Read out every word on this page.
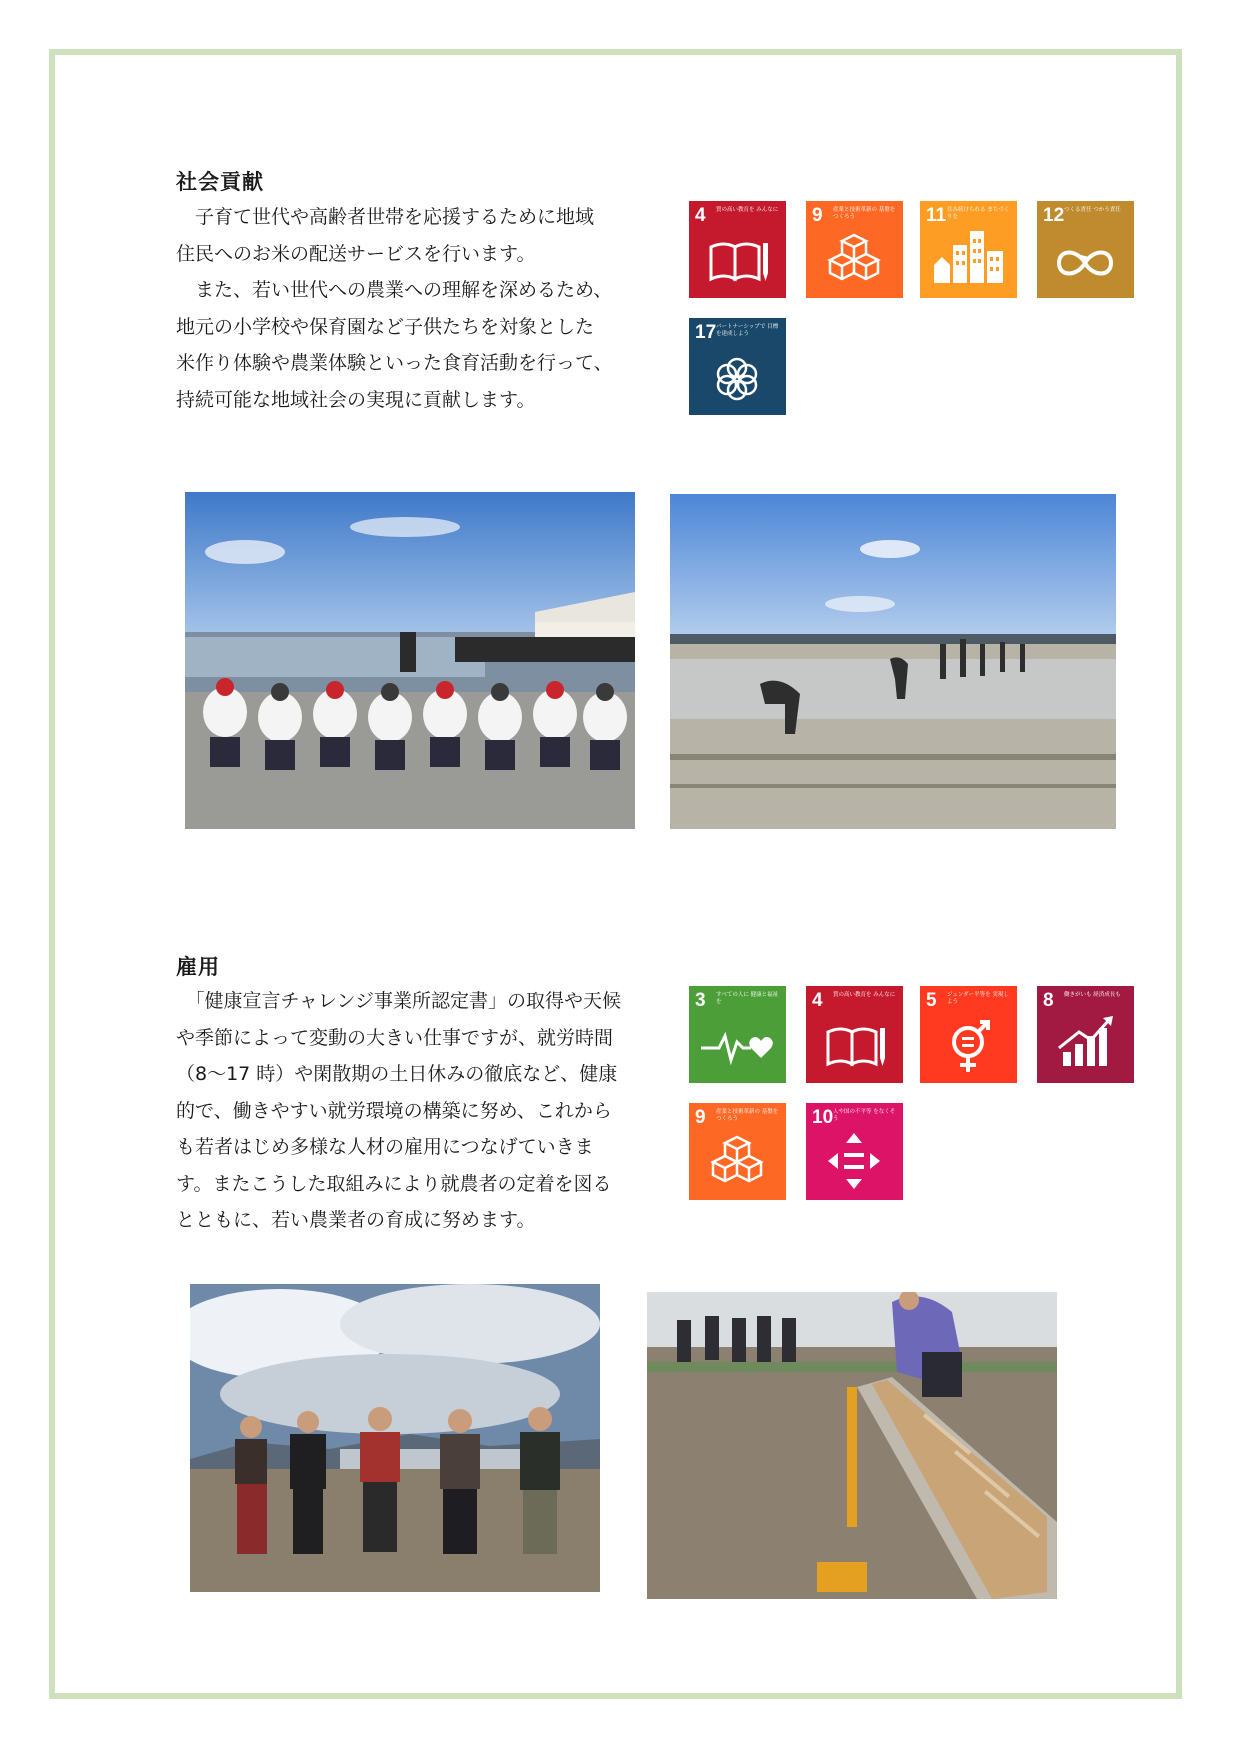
社会貢献

　子育て世代や高齢者世帯を応援するために地域

住民へのお米の配送サービスを行います。

　また、若い世代への農業への理解を深めるため、

地元の小学校や保育園など子供たちを対象とした

米作り体験や農業体験といった食育活動を行って、

持続可能な地域社会の実現に貢献します。

4 質の高い教育を みんなに 9 産業と技術革新の 基盤をつくろう	11 住み続けられる まちづくりを	12 つくる責任 つかう責任
17 パートナーシップで 目標を達成しよう
雇用

　「健康宣言チャレンジ事業所認定書」の取得や天候

や季節によって変動の大きい仕事ですが、就労時間

（8～17 時）や閑散期の土日休みの徹底など、健康

的で、働きやすい就労環境の構築に努め、これから

も若者はじめ多様な人材の雇用につなげていきま

す。またこうした取組みにより就農者の定着を図る

とともに、若い農業者の育成に努めます。

3 すべての人に 健康と福祉を	4 質の高い教育を みんなに 5 ジェンダー平等を 実現しよう	8 働きがいも 経済成長も
9 産業と技術革新の 基盤をつくろう	10 人や国の不平等 をなくそう
